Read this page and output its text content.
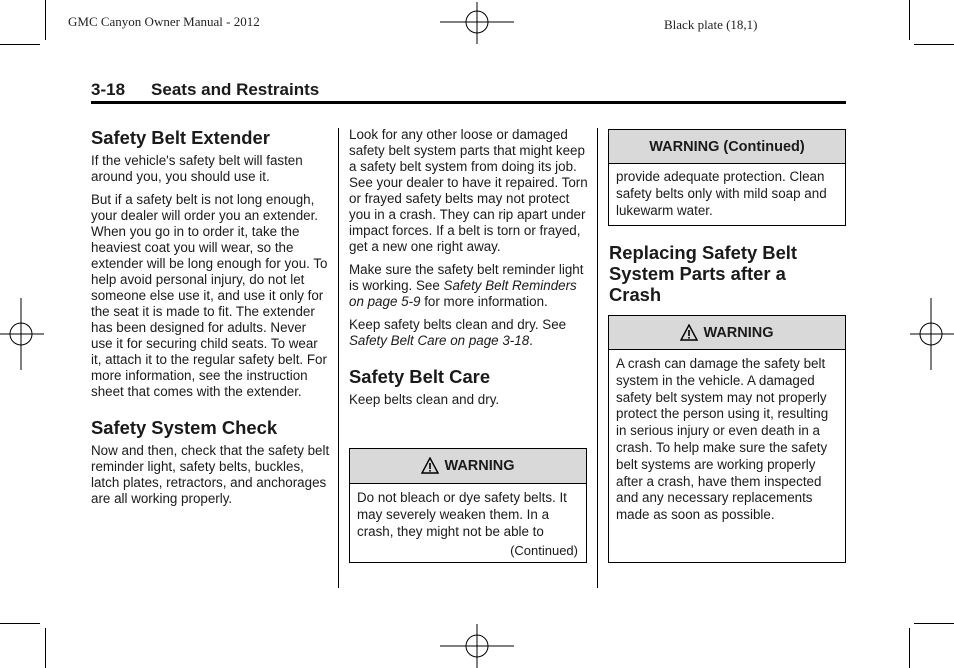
GMC Canyon Owner Manual - 2012	Black plate (18,1)
3-18 Seats and Restraints
Safety Belt Extender

If the vehicle's safety belt will fasten around you, you should use it.

But if a safety belt is not long enough, your dealer will order you an extender. When you go in to order it, take the heaviest coat you will wear, so the extender will be long enough for you. To help avoid personal injury, do not let someone else use it, and use it only for the seat it is made to fit. The extender has been designed for adults. Never use it for securing child seats. To wear it, attach it to the regular safety belt. For more information, see the instruction sheet that comes with the extender.

Safety System Check

Now and then, check that the safety belt reminder light, safety belts, buckles, latch plates, retractors, and anchorages are all working properly.

Look for any other loose or damaged safety belt system parts that might keep a safety belt system from doing its job. See your dealer to have it repaired. Torn or frayed safety belts may not protect you in a crash. They can rip apart under impact forces. If a belt is torn or frayed, get a new one right away.

Make sure the safety belt reminder light is working. See Safety Belt Reminders on page 5-9 for more information.

Keep safety belts clean and dry. See Safety Belt Care on page 3-18.

Safety Belt Care

Keep belts clean and dry.

WARNING
Do not bleach or dye safety belts. It may severely weaken them. In a crash, they might not be able to
(Continued)
WARNING (Continued)
provide adequate protection. Clean safety belts only with mild soap and lukewarm water.
Replacing Safety Belt System Parts after a Crash
WARNING
A crash can damage the safety belt system in the vehicle. A damaged safety belt system may not properly protect the person using it, resulting in serious injury or even death in a crash. To help make sure the safety belt systems are working properly after a crash, have them inspected and any necessary replacements made as soon as possible.
